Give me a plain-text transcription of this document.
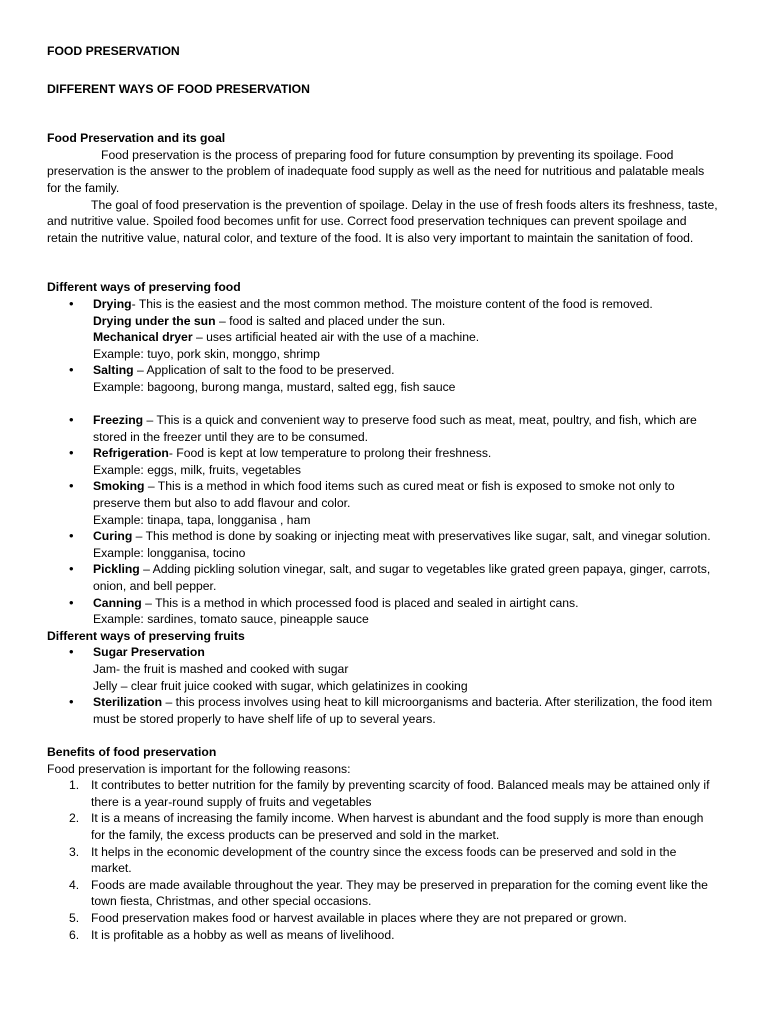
FOOD PRESERVATION

DIFFERENT WAYS OF FOOD PRESERVATION

Food Preservation and its goal

Food preservation is the process of preparing food for future consumption by preventing its spoilage. Food preservation is the answer to the problem of inadequate food supply as well as the need for nutritious and palatable meals for the family.

The goal of food preservation is the prevention of spoilage. Delay in the use of fresh foods alters its freshness, taste, and nutritive value. Spoiled food becomes unfit for use. Correct food preservation techniques can prevent spoilage and retain the nutritive value, natural color, and texture of the food. It is also very important to maintain the sanitation of food.

Different ways of preserving food

• Drying- This is the easiest and the most common method. The moisture content of the food is removed.
Drying under the sun – food is salted and placed under the sun.
Mechanical dryer – uses artificial heated air with the use of a machine.
Example: tuyo, pork skin, monggo, shrimp
• Salting – Application of salt to the food to be preserved.
Example: bagoong, burong manga, mustard, salted egg, fish sauce
• Freezing – This is a quick and convenient way to preserve food such as meat, meat, poultry, and fish, which are stored in the freezer until they are to be consumed.
• Refrigeration- Food is kept at low temperature to prolong their freshness.
Example: eggs, milk, fruits, vegetables
• Smoking – This is a method in which food items such as cured meat or fish is exposed to smoke not only to preserve them but also to add flavour and color.
Example: tinapa, tapa, longganisa , ham
• Curing – This method is done by soaking or injecting meat with preservatives like sugar, salt, and vinegar solution.
Example: longganisa, tocino
• Pickling – Adding pickling solution vinegar, salt, and sugar to vegetables like grated green papaya, ginger, carrots, onion, and bell pepper.
• Canning – This is a method in which processed food is placed and sealed in airtight cans.
Example: sardines, tomato sauce, pineapple sauce

Different ways of preserving fruits

• Sugar Preservation
Jam- the fruit is mashed and cooked with sugar
Jelly – clear fruit juice cooked with sugar, which gelatinizes in cooking
• Sterilization – this process involves using heat to kill microorganisms and bacteria. After sterilization, the food item must be stored properly to have shelf life of up to several years.

Benefits of food preservation

Food preservation is important for the following reasons:

1. It contributes to better nutrition for the family by preventing scarcity of food. Balanced meals may be attained only if there is a year-round supply of fruits and vegetables
2. It is a means of increasing the family income. When harvest is abundant and the food supply is more than enough for the family, the excess products can be preserved and sold in the market.
3. It helps in the economic development of the country since the excess foods can be preserved and sold in the market.
4. Foods are made available throughout the year. They may be preserved in preparation for the coming event like the town fiesta, Christmas, and other special occasions.
5. Food preservation makes food or harvest available in places where they are not prepared or grown.
6. It is profitable as a hobby as well as means of livelihood.
